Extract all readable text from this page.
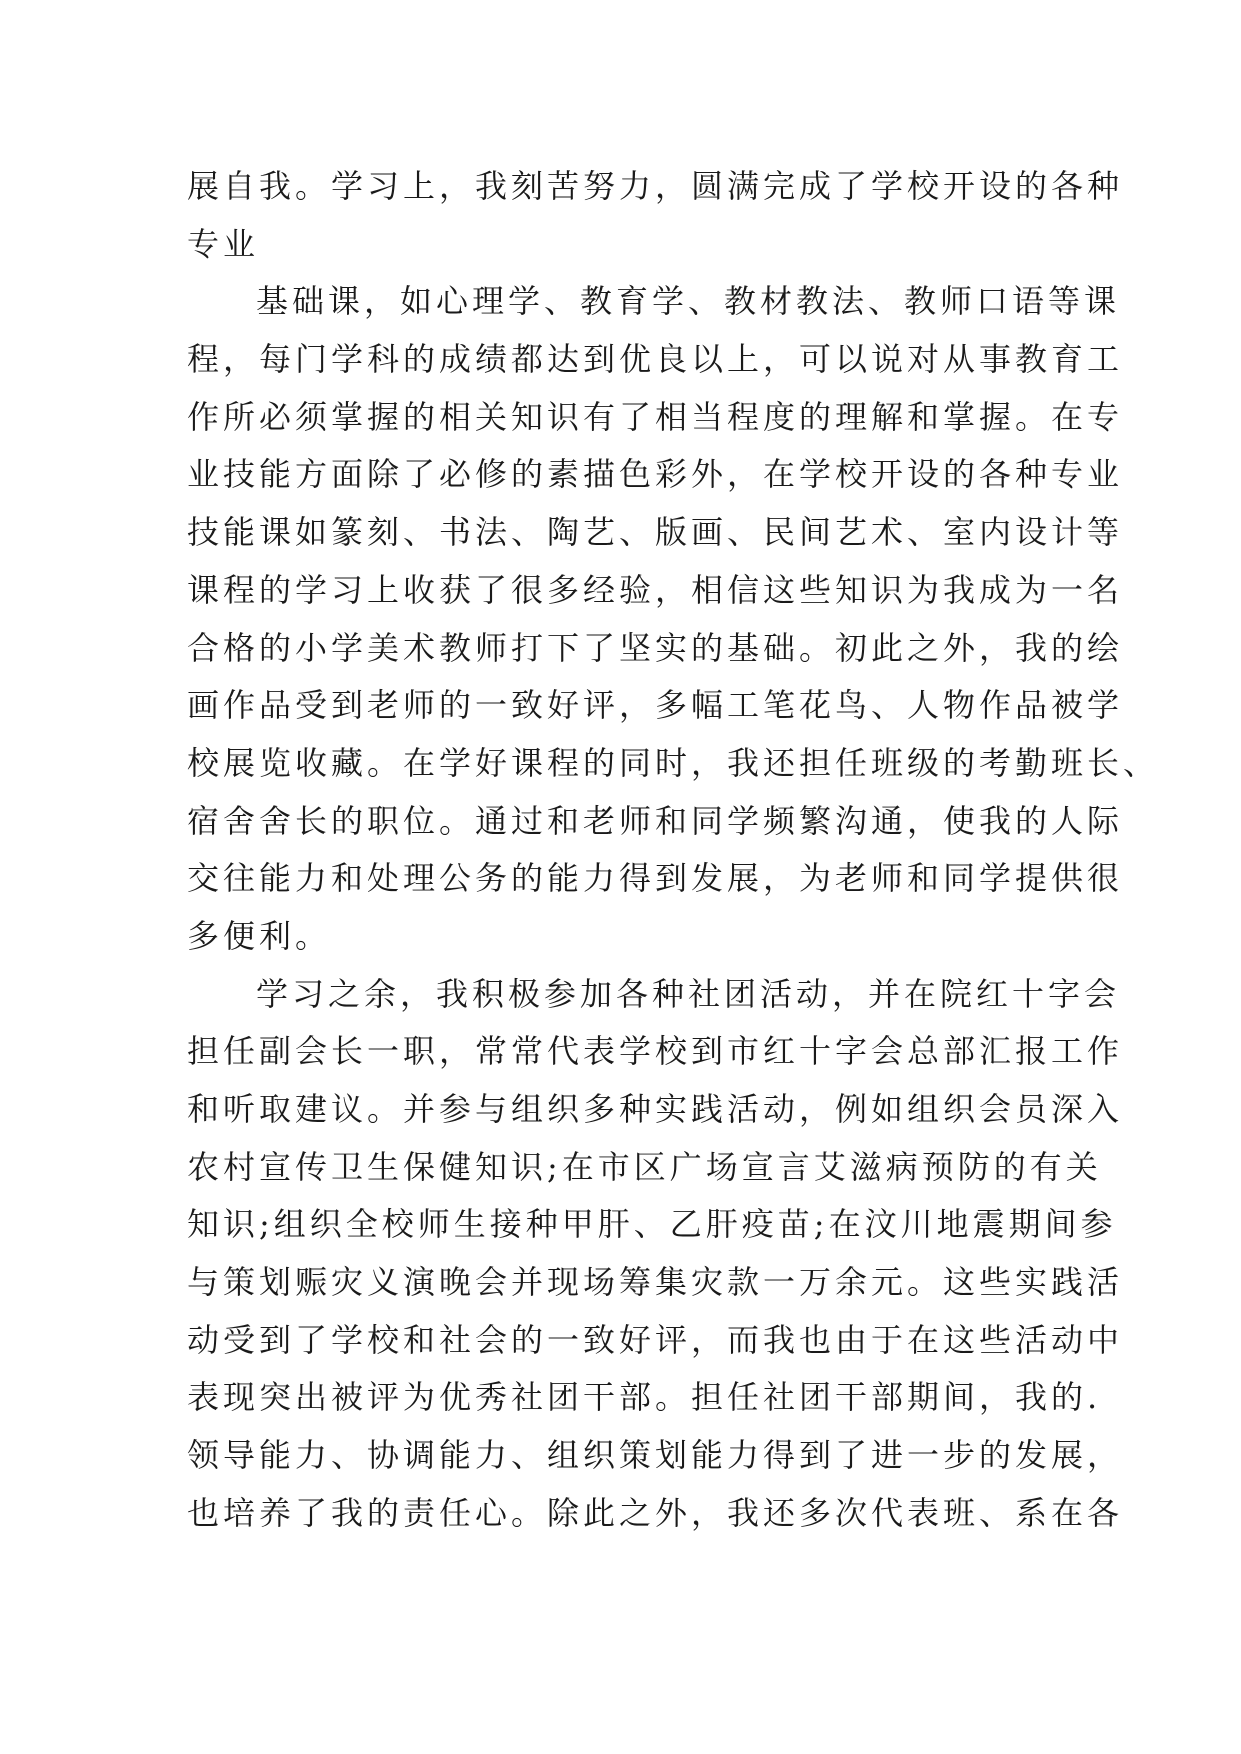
展自我。学习上，我刻苦努力，圆满完成了学校开设的各种
专业
基础课，如心理学、教育学、教材教法、教师口语等课
程，每门学科的成绩都达到优良以上，可以说对从事教育工
作所必须掌握的相关知识有了相当程度的理解和掌握。在专
业技能方面除了必修的素描色彩外，在学校开设的各种专业
技能课如篆刻、书法、陶艺、版画、民间艺术、室内设计等
课程的学习上收获了很多经验，相信这些知识为我成为一名
合格的小学美术教师打下了坚实的基础。初此之外，我的绘
画作品受到老师的一致好评，多幅工笔花鸟、人物作品被学
校展览收藏。在学好课程的同时，我还担任班级的考勤班长、
宿舍舍长的职位。通过和老师和同学频繁沟通，使我的人际
交往能力和处理公务的能力得到发展，为老师和同学提供很
多便利。
学习之余，我积极参加各种社团活动，并在院红十字会
担任副会长一职，常常代表学校到市红十字会总部汇报工作
和听取建议。并参与组织多种实践活动，例如组织会员深入
农村宣传卫生保健知识;在市区广场宣言艾滋病预防的有关
知识;组织全校师生接种甲肝、乙肝疫苗;在汶川地震期间参
与策划赈灾义演晚会并现场筹集灾款一万余元。这些实践活
动受到了学校和社会的一致好评，而我也由于在这些活动中
表现突出被评为优秀社团干部。担任社团干部期间，我的.
领导能力、协调能力、组织策划能力得到了进一步的发展，
也培养了我的责任心。除此之外，我还多次代表班、系在各
